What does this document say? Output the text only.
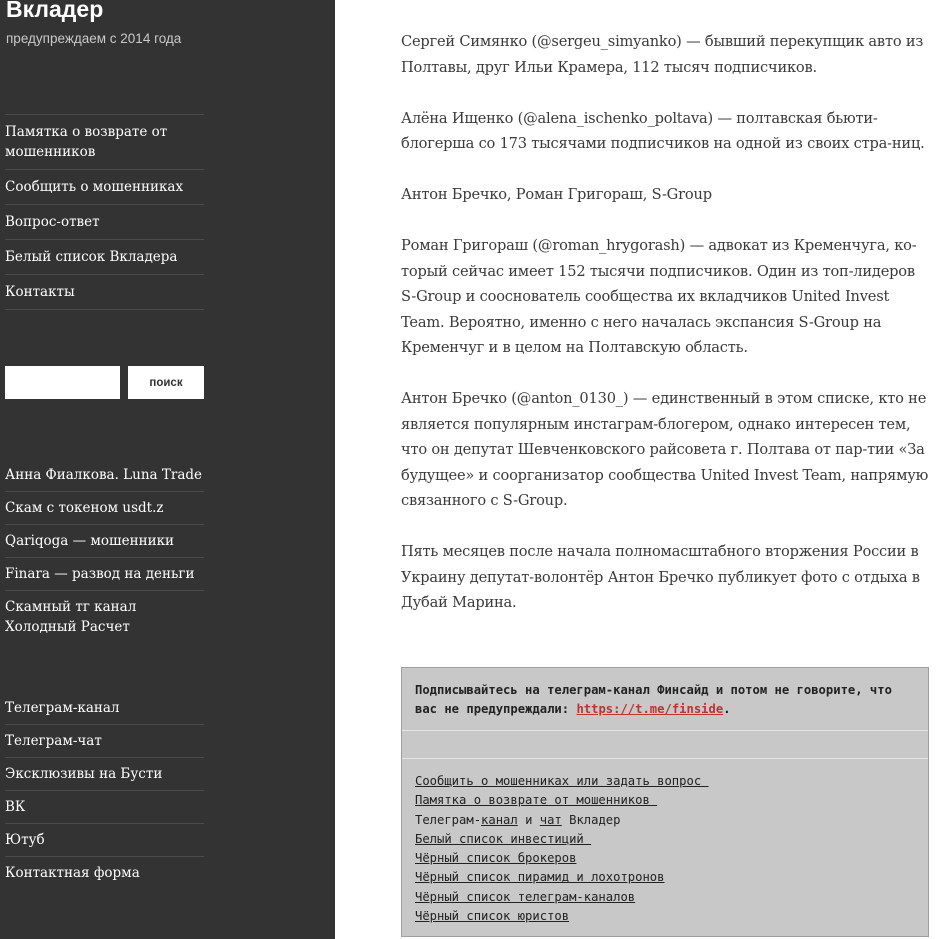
Вкладер
предупреждаем с 2014 года
Памятка о возврате от мошенников
Сообщить о мошенниках
Вопрос-ответ
Белый список Вкладера
Контакты
поиск
Анна Фиалкова. Luna Trade
Скам с токеном usdt.z
Qariqoga — мошенники
Finara — развод на деньги
Скамный тг канал Холодный Расчет
Телеграм-канал
Телеграм-чат
Эксклюзивы на Бусти
ВК
Ютуб
Контактная форма

Сергей Симянко (@sergeu_simyanko) — бывший перекупщик авто из Полтавы, друг Ильи Крамера, 112 тысяч подписчиков.

Алёна Ищенко (@alena_ischenko_poltava) — полтавская бьюти-блогерша со 173 тысячами подписчиков на одной из своих стра-ниц.

Антон Бречко, Роман Григораш, S-Group

Роман Григораш (@roman_hrygorash) — адвокат из Кременчуга, ко-торый сейчас имеет 152 тысячи подписчиков. Один из топ-лидеров S-Group и сооснователь сообщества их вкладчиков United Invest Team. Вероятно, именно с него началась экспансия S-Group на Кременчуг и в целом на Полтавскую область.

Антон Бречко (@anton_0130_) — единственный в этом списке, кто не является популярным инстаграм-блогером, однако интересен тем, что он депутат Шевченковского райсовета г. Полтава от пар-тии «За будущее» и соорганизатор сообщества United Invest Team, напрямую связанного с S-Group.

Пять месяцев после начала полномасштабного вторжения России в Украину депутат-волонтёр Антон Бречко публикует фото с отдыха в Дубай Марина.

Подписывайтесь на телеграм-канал Финсайд и потом не говорите, что вас не предупреждали: https://t.me/finside.
Сообщить о мошенниках или задать вопрос
Памятка о возврате от мошенников
Телеграм-канал и чат Вкладер
Белый список инвестиций
Чёрный список брокеров
Чёрный список пирамид и лохотронов
Чёрный список телеграм-каналов
Чёрный список юристов
